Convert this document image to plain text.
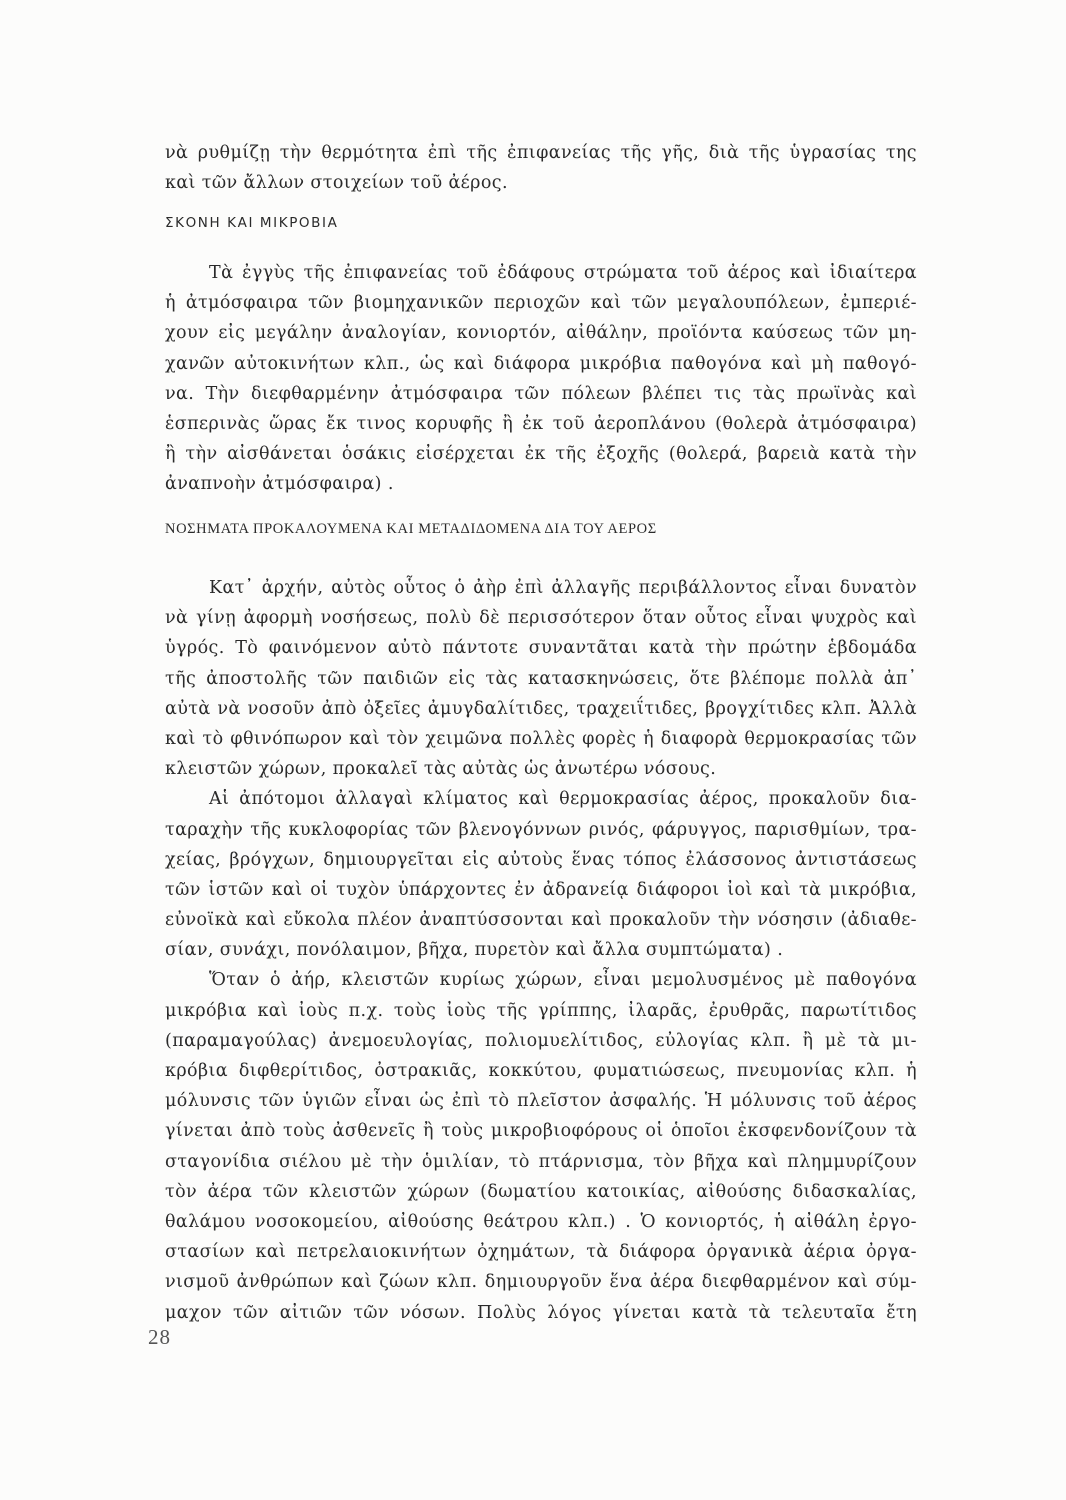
νὰ ρυθμίζῃ τὴν θερμότητα ἐπὶ τῆς ἐπιφανείας τῆς γῆς, διὰ τῆς ὑγρασίας της
καὶ τῶν ἄλλων στοιχείων τοῦ ἀέρος.
ΣΚΟΝΗ ΚΑΙ ΜΙΚΡΟΒΙΑ
Τὰ ἐγγὺς τῆς ἐπιφανείας τοῦ ἐδάφους στρώματα τοῦ ἀέρος καὶ ἰδιαίτερα
ἡ ἀτμόσφαιρα τῶν βιομηχανικῶν περιοχῶν καὶ τῶν μεγαλουπόλεων, ἐμπεριέ-
χουν εἰς μεγάλην ἀναλογίαν, κονιορτόν, αἰθάλην, προϊόντα καύσεως τῶν μη-
χανῶν αὐτοκινήτων κλπ., ὡς καὶ διάφορα μικρόβια παθογόνα καὶ μὴ παθογό-
να. Τὴν διεφθαρμένην ἀτμόσφαιρα τῶν πόλεων βλέπει τις τὰς πρωϊνὰς καὶ
ἑσπερινὰς ὥρας ἔκ τινος κορυφῆς ἢ ἐκ τοῦ ἀεροπλάνου (θολερὰ ἀτμόσφαιρα)
ἢ τὴν αἰσθάνεται ὁσάκις εἰσέρχεται ἐκ τῆς ἐξοχῆς (θολερά, βαρειὰ κατὰ τὴν
ἀναπνοὴν ἀτμόσφαιρα) .
ΝΟΣΗΜΑΤΑ ΠΡΟΚΑΛΟΥΜΕΝΑ ΚΑΙ ΜΕΤΑΔΙΔΟΜΕΝΑ ΔΙΑ ΤΟΥ ΑΕΡΟΣ
Κατ᾽ ἀρχήν, αὐτὸς οὗτος ὁ ἀὴρ ἐπὶ ἀλλαγῆς περιβάλλοντος εἶναι δυνατὸν
νὰ γίνῃ ἀφορμὴ νοσήσεως, πολὺ δὲ περισσότερον ὅταν οὗτος εἶναι ψυχρὸς καὶ
ὑγρός. Τὸ φαινόμενον αὐτὸ πάντοτε συναντᾶται κατὰ τὴν πρώτην ἑβδομάδα
τῆς ἀποστολῆς τῶν παιδιῶν εἰς τὰς κατασκηνώσεις, ὅτε βλέπομε πολλὰ ἀπ᾽
αὐτὰ νὰ νοσοῦν ἀπὸ ὀξεῖες ἀμυγδαλίτιδες, τραχειΐτιδες, βρογχίτιδες κλπ. Ἀλλὰ
καὶ τὸ φθινόπωρον καὶ τὸν χειμῶνα πολλὲς φορὲς ἡ διαφορὰ θερμοκρασίας τῶν
κλειστῶν χώρων, προκαλεῖ τὰς αὐτὰς ὡς ἀνωτέρω νόσους.
Αἱ ἀπότομοι ἀλλαγαὶ κλίματος καὶ θερμοκρασίας ἀέρος, προκαλοῦν δια-
ταραχὴν τῆς κυκλοφορίας τῶν βλενογόννων ρινός, φάρυγγος, παρισθμίων, τρα-
χείας, βρόγχων, δημιουργεῖται εἰς αὐτοὺς ἕνας τόπος ἐλάσσονος ἀντιστάσεως
τῶν ἱστῶν καὶ οἱ τυχὸν ὑπάρχοντες ἐν ἀδρανείᾳ διάφοροι ἰοὶ καὶ τὰ μικρόβια,
εὐνοϊκὰ καὶ εὔκολα πλέον ἀναπτύσσονται καὶ προκαλοῦν τὴν νόσησιν (ἀδιαθε-
σίαν, συνάχι, πονόλαιμον, βῆχα, πυρετὸν καὶ ἄλλα συμπτώματα) .
Ὅταν ὁ ἀήρ, κλειστῶν κυρίως χώρων, εἶναι μεμολυσμένος μὲ παθογόνα
μικρόβια καὶ ἰοὺς π.χ. τοὺς ἰοὺς τῆς γρίππης, ἰλαρᾶς, ἐρυθρᾶς, παρωτίτιδος
(παραμαγούλας) ἀνεμοευλογίας, πολιομυελίτιδος, εὐλογίας κλπ. ἢ μὲ τὰ μι-
κρόβια διφθερίτιδος, ὀστρακιᾶς, κοκκύτου, φυματιώσεως, πνευμονίας κλπ. ἡ
μόλυνσις τῶν ὑγιῶν εἶναι ὡς ἐπὶ τὸ πλεῖστον ἀσφαλής. Ἡ μόλυνσις τοῦ ἀέρος
γίνεται ἀπὸ τοὺς ἀσθενεῖς ἢ τοὺς μικροβιοφόρους οἱ ὁποῖοι ἐκσφενδονίζουν τὰ
σταγονίδια σιέλου μὲ τὴν ὁμιλίαν, τὸ πτάρνισμα, τὸν βῆχα καὶ πλημμυρίζουν
τὸν ἀέρα τῶν κλειστῶν χώρων (δωματίου κατοικίας, αἰθούσης διδασκαλίας,
θαλάμου νοσοκομείου, αἰθούσης θεάτρου κλπ.) . Ὁ κονιορτός, ἡ αἰθάλη ἐργο-
στασίων καὶ πετρελαιοκινήτων ὀχημάτων, τὰ διάφορα ὀργανικὰ ἀέρια ὀργα-
νισμοῦ ἀνθρώπων καὶ ζώων κλπ. δημιουργοῦν ἕνα ἀέρα διεφθαρμένον καὶ σύμ-
μαχον τῶν αἰτιῶν τῶν νόσων. Πολὺς λόγος γίνεται κατὰ τὰ τελευταῖα ἔτη
28
